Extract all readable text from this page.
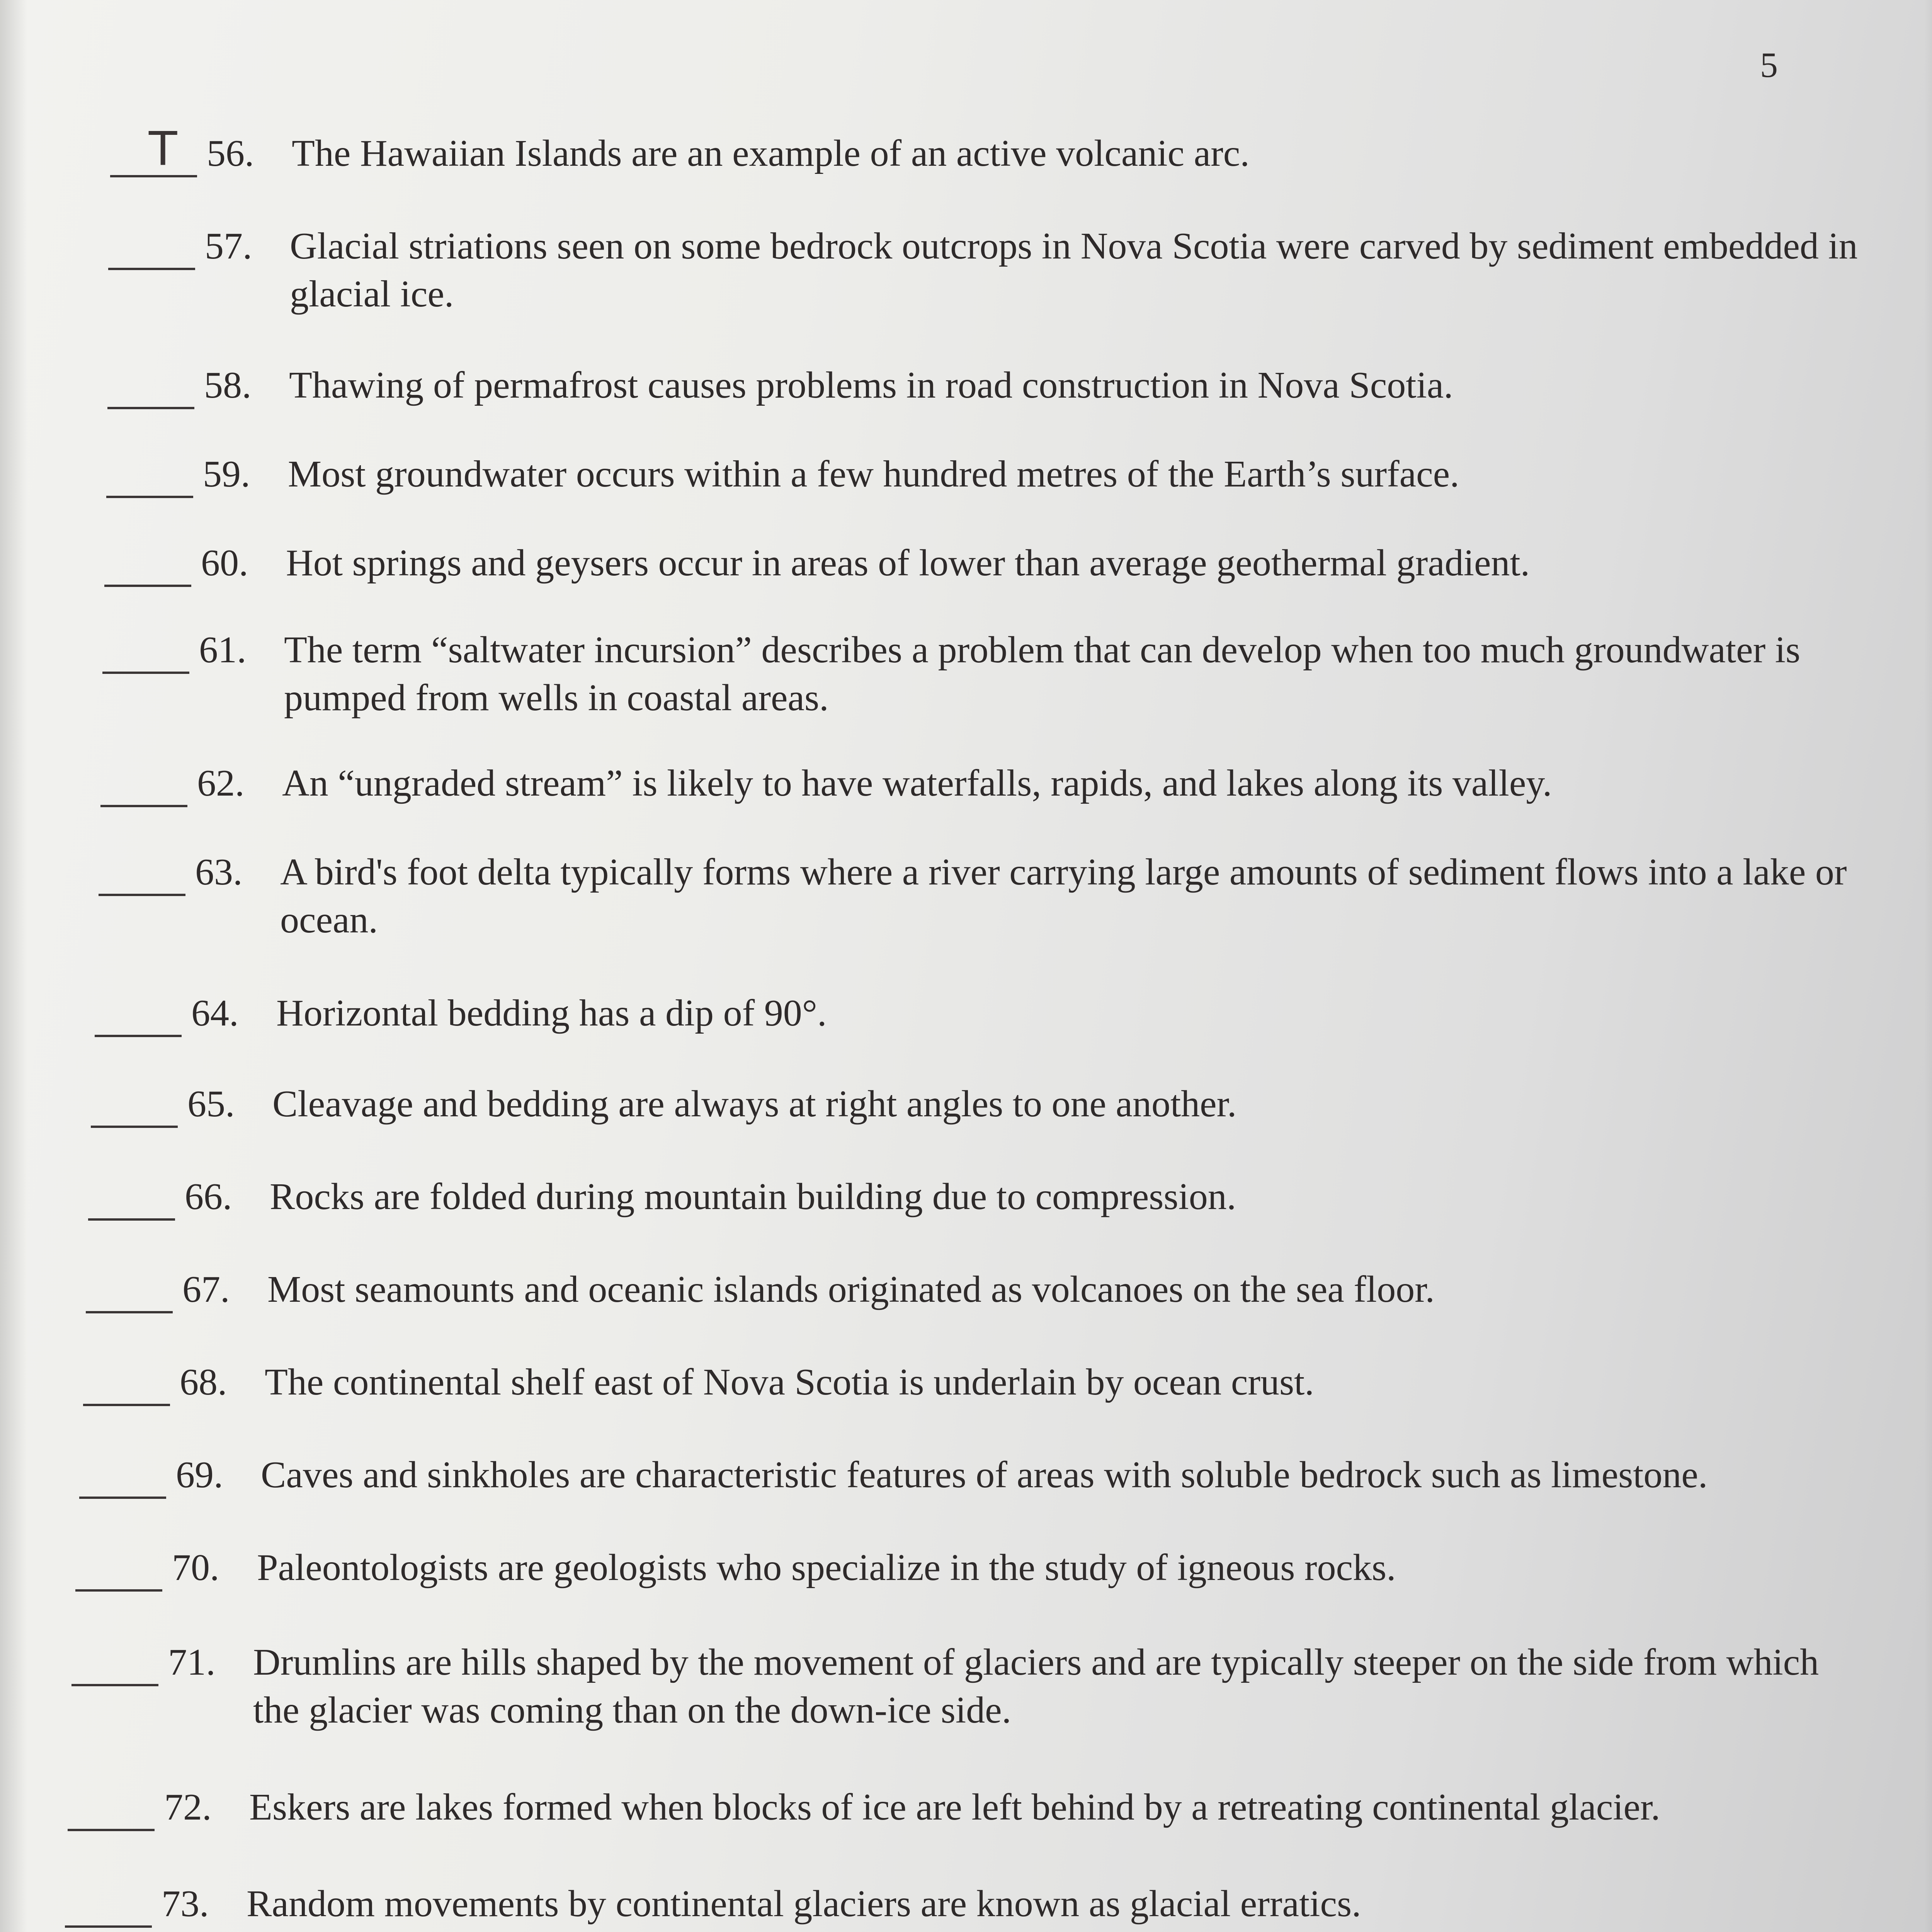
5
T 56. The Hawaiian Islands are an example of an active volcanic arc.
57. Glacial striations seen on some bedrock outcrops in Nova Scotia were carved by sediment embedded in glacial ice.
58. Thawing of permafrost causes problems in road construction in Nova Scotia.
59. Most groundwater occurs within a few hundred metres of the Earth’s surface.
60. Hot springs and geysers occur in areas of lower than average geothermal gradient.
61. The term “saltwater incursion” describes a problem that can develop when too much groundwater is pumped from wells in coastal areas.
62. An “ungraded stream” is likely to have waterfalls, rapids, and lakes along its valley.
63. A bird's foot delta typically forms where a river carrying large amounts of sediment flows into a lake or ocean.
64. Horizontal bedding has a dip of 90°.
65. Cleavage and bedding are always at right angles to one another.
66. Rocks are folded during mountain building due to compression.
67. Most seamounts and oceanic islands originated as volcanoes on the sea floor.
68. The continental shelf east of Nova Scotia is underlain by ocean crust.
69. Caves and sinkholes are characteristic features of areas with soluble bedrock such as limestone.
70. Paleontologists are geologists who specialize in the study of igneous rocks.
71. Drumlins are hills shaped by the movement of glaciers and are typically steeper on the side from which the glacier was coming than on the down-ice side.
72. Eskers are lakes formed when blocks of ice are left behind by a retreating continental glacier.
73. Random movements by continental glaciers are known as glacial erratics.
